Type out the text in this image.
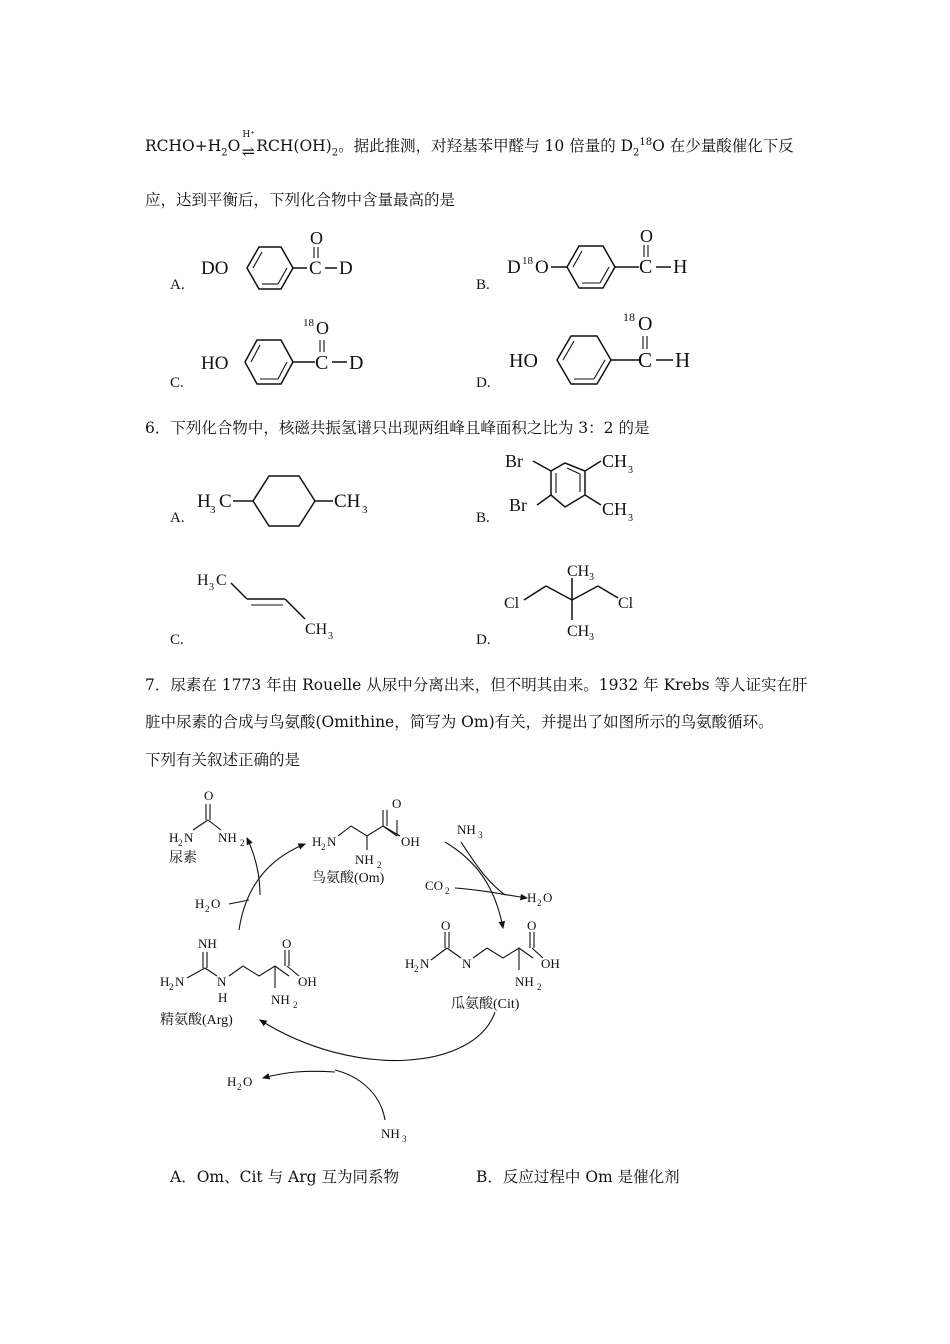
$RCHO+H_2O$
H⁺
$\rightleftharpoons RCH(OH)_2$。据此推测，对羟基苯甲醛与 10 倍量的 $D_2^{18}O$ 在少量酸催化下反
应，达到平衡后，下列化合物中含量最高的是
A.
DO	C
O
D
B.
D 18 O	C
O
H
C.
HO	C
18 O
D
D.
HO	C
18 O
H
6．下列化合物中，核磁共振氢谱只出现两组峰且峰面积之比为 3：2 的是
A.
H 3 C	CH 3	B.
Br
Br
CH 3
CH 3
C.
H 3 C
CH 3	D.
Cl	Cl
CH 3
CH 3
7．尿素在 1773 年由 Rouelle 从尿中分离出来，但不明其由来。1932 年 Krebs 等人证实在肝
脏中尿素的合成与鸟氨酸(Omithine，简写为 Om)有关，并提出了如图所示的鸟氨酸循环。
下列有关叙述正确的是
O
H 2 N NH 2
尿素
H 2 N
O
OH
NH 2
鸟氨酸(Om)
NH 3
CO 2	H 2 O
H 2 N
O
N
O
OH
NH 2
瓜氨酸(Cit)
NH
H 2 N	N
H
O
OH
NH 2
精氨酸(Arg)
H 2 O
H 2 O
NH 3
A．Om、Cit 与 Arg 互为同系物	B．反应过程中 Om 是催化剂
